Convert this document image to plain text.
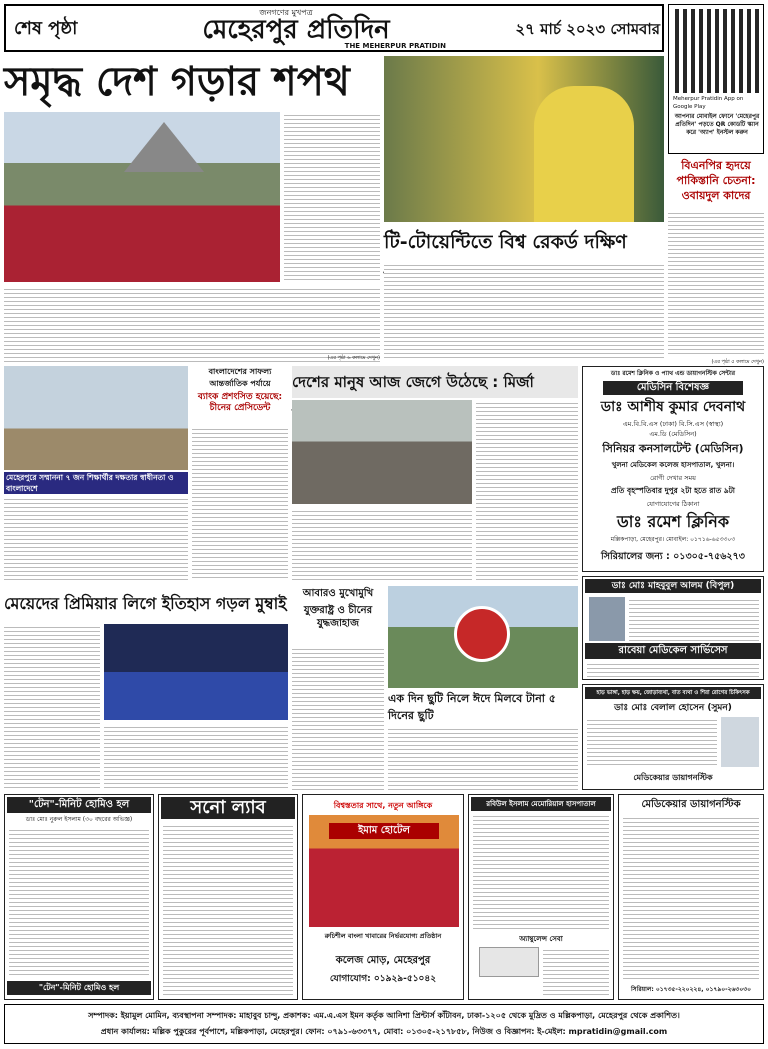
শেষ পৃষ্ঠা
জনগণের মুখপত্র
মেহেরপুর প্রতিদিন
THE MEHERPUR PRATIDIN
২৭ মার্চ ২০২৩ সোমবার
Meherpur Pratidin App on Google Play
আপনার মোবাইল ফোনে 'মেহেরপুর প্রতিদিন' পড়তে QR কোডটি স্ক্যান করে 'অ্যাপ' ইনস্টল করুন
সমৃদ্ধ দেশ গড়ার শপথ
বিএনপির হৃদয়ে পাকিস্তানি চেতনা: ওবায়দুল কাদের
(এর পৃষ্ঠা ৫ কলামে দেখুন)
টি-টোয়েন্টিতে বিশ্ব রেকর্ড দক্ষিণ
(এর পৃষ্ঠা ৬ কলামে দেখুন)
মেহেরপুরে সম্মাননা ৭ জন শিক্ষার্থীর দক্ষতার স্বাধীনতা ও বাংলাদেশে
বাংলাদেশের সাফল্য আন্তর্জাতিক পর্যায়ে
ব্যাংক প্রশংসিত হয়েছে: চীনের প্রেসিডেন্ট
দেশের মানুষ আজ জেগে উঠেছে : মির্জা	ডাঃ রমেশ ক্লিনিক ও প্যাথ এন্ড ডায়াগনস্টিক সেন্টার
মেডিসিন বিশেষজ্ঞ
ডাঃ আশীষ কুমার দেবনাথ
এম.বি.বি.এস (ঢাকা) বি.সি.এস (স্বাস্থ্য)
এম.ডি (মেডিসিন)
সিনিয়র কনসালটেন্ট (মেডিসিন)
খুলনা মেডিকেল কলেজ হাসপাতাল, খুলনা।
রোগী দেখার সময়
প্রতি বৃহস্পতিবার দুপুর ২টা হতে রাত ৯টা
যোগাযোগের ঠিকানা
ডাঃ রমেশ ক্লিনিক
মল্লিকপাড়া, মেহেরপুর। মোবাইল: ০১৭১৬-৬৫৩৩০৩
সিরিয়ালের জন্য : ০১৩০৫-৭৫৬২৭৩
ডাঃ মোঃ মাহবুবুল আলম (বিপুল)
রাবেয়া মেডিকেল সার্ভিসেস
মেয়েদের প্রিমিয়ার লিগে ইতিহাস গড়ল মুম্বাই
আবারও মুখোমুখি
যুক্তরাষ্ট্র ও চীনের যুদ্ধজাহাজ
এক দিন ছুটি নিলে ঈদে মিলবে টানা ৫ দিনের ছুটি
হাড় ভাঙ্গা, হাড় ক্ষয়, জোড়াব্যথা, বাত ব্যথা ও শিরা রোগের চিকিৎসক
ডাঃ মোঃ বেলাল হোসেন (সুমন)
মেডিকেয়ার ডায়াগনস্টিক
"টেন"-মিনিট হোমিও হল
ডাঃ মোঃ নুরুল ইসলাম (৩০ বছরের অভিজ্ঞ)
"টেন"-মিনিট হোমিও হল
সনো ল্যাব	বিশ্বস্ততার সাথে, নতুন আঙ্গিকে
ইমাম হোটেল
রুচিশীল বাংলা খাবারের নির্ভরযোগ্য প্রতিষ্ঠান
কলেজ মোড়, মেহেরপুর
যোগাযোগ: ০১৯২৯-৫১০৪২
রবিউল ইসলাম মেমোরিয়াল হাসপাতাল
অ্যাম্বুলেন্স সেবা
মেডিকেয়ার ডায়াগনস্টিক
সিরিয়াল: ০১৭৩৫-২২০২২৪, ০১৭৯০-২৬৩০৩০
সম্পাদক: ইয়ামুল মোমিন, ব্যবস্থাপনা সম্পাদক: মাহাবুব চান্দু, প্রকাশক: এম.এ.এস ইমন কর্তৃক আনিশা প্রিন্টার্স কাঁটাবন, ঢাকা-১২০৫ থেকে মুদ্রিত ও মল্লিকপাড়া, মেহেরপুর থেকে প্রকাশিত।
প্রধান কার্যালয়: মল্লিক পুকুরের পূর্বপাশে, মল্লিকপাড়া, মেহেরপুর। ফোন: ০৭৯১-৬৩৩৭৭, মোবা: ০১৩০৫-২১৭৮৫৮, নিউজ ও বিজ্ঞাপন: ই-মেইল: mpratidin@gmail.com
